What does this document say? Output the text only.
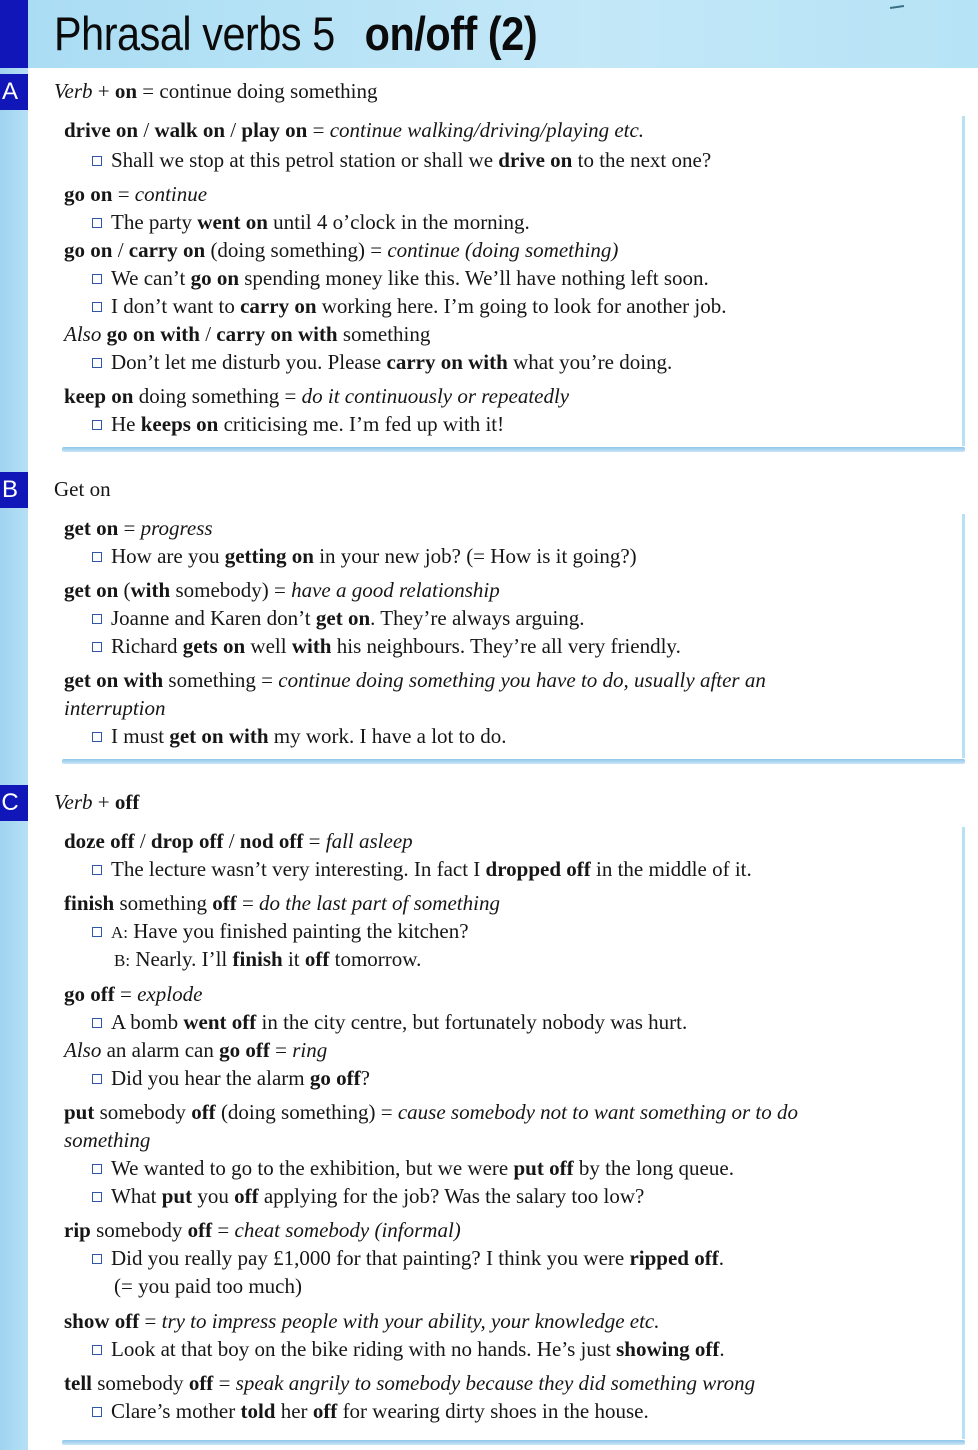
Phrasal verbs 5 on/off (2)
A Verb + on = continue doing something
drive on / walk on / play on = continue walking/driving/playing etc.
Shall we stop at this petrol station or shall we drive on to the next one?
go on = continue
The party went on until 4 o’clock in the morning.
go on / carry on (doing something) = continue (doing something)
We can’t go on spending money like this. We’ll have nothing left soon.
I don’t want to carry on working here. I’m going to look for another job.
Also go on with / carry on with something
Don’t let me disturb you. Please carry on with what you’re doing.
keep on doing something = do it continuously or repeatedly
He keeps on criticising me. I’m fed up with it!
B Get on
get on = progress
How are you getting on in your new job? (= How is it going?)
get on (with somebody) = have a good relationship
Joanne and Karen don’t get on. They’re always arguing.
Richard gets on well with his neighbours. They’re all very friendly.
get on with something = continue doing something you have to do, usually after an
interruption
I must get on with my work. I have a lot to do.
C Verb + off
doze off / drop off / nod off = fall asleep
The lecture wasn’t very interesting. In fact I dropped off in the middle of it.
finish something off = do the last part of something
A: Have you finished painting the kitchen?
B: Nearly. I’ll finish it off tomorrow.
go off = explode
A bomb went off in the city centre, but fortunately nobody was hurt.
Also an alarm can go off = ring
Did you hear the alarm go off?
put somebody off (doing something) = cause somebody not to want something or to do
something
We wanted to go to the exhibition, but we were put off by the long queue.
What put you off applying for the job? Was the salary too low?
rip somebody off = cheat somebody (informal)
Did you really pay £1,000 for that painting? I think you were ripped off.
(= you paid too much)
show off = try to impress people with your ability, your knowledge etc.
Look at that boy on the bike riding with no hands. He’s just showing off.
tell somebody off = speak angrily to somebody because they did something wrong
Clare’s mother told her off for wearing dirty shoes in the house.
